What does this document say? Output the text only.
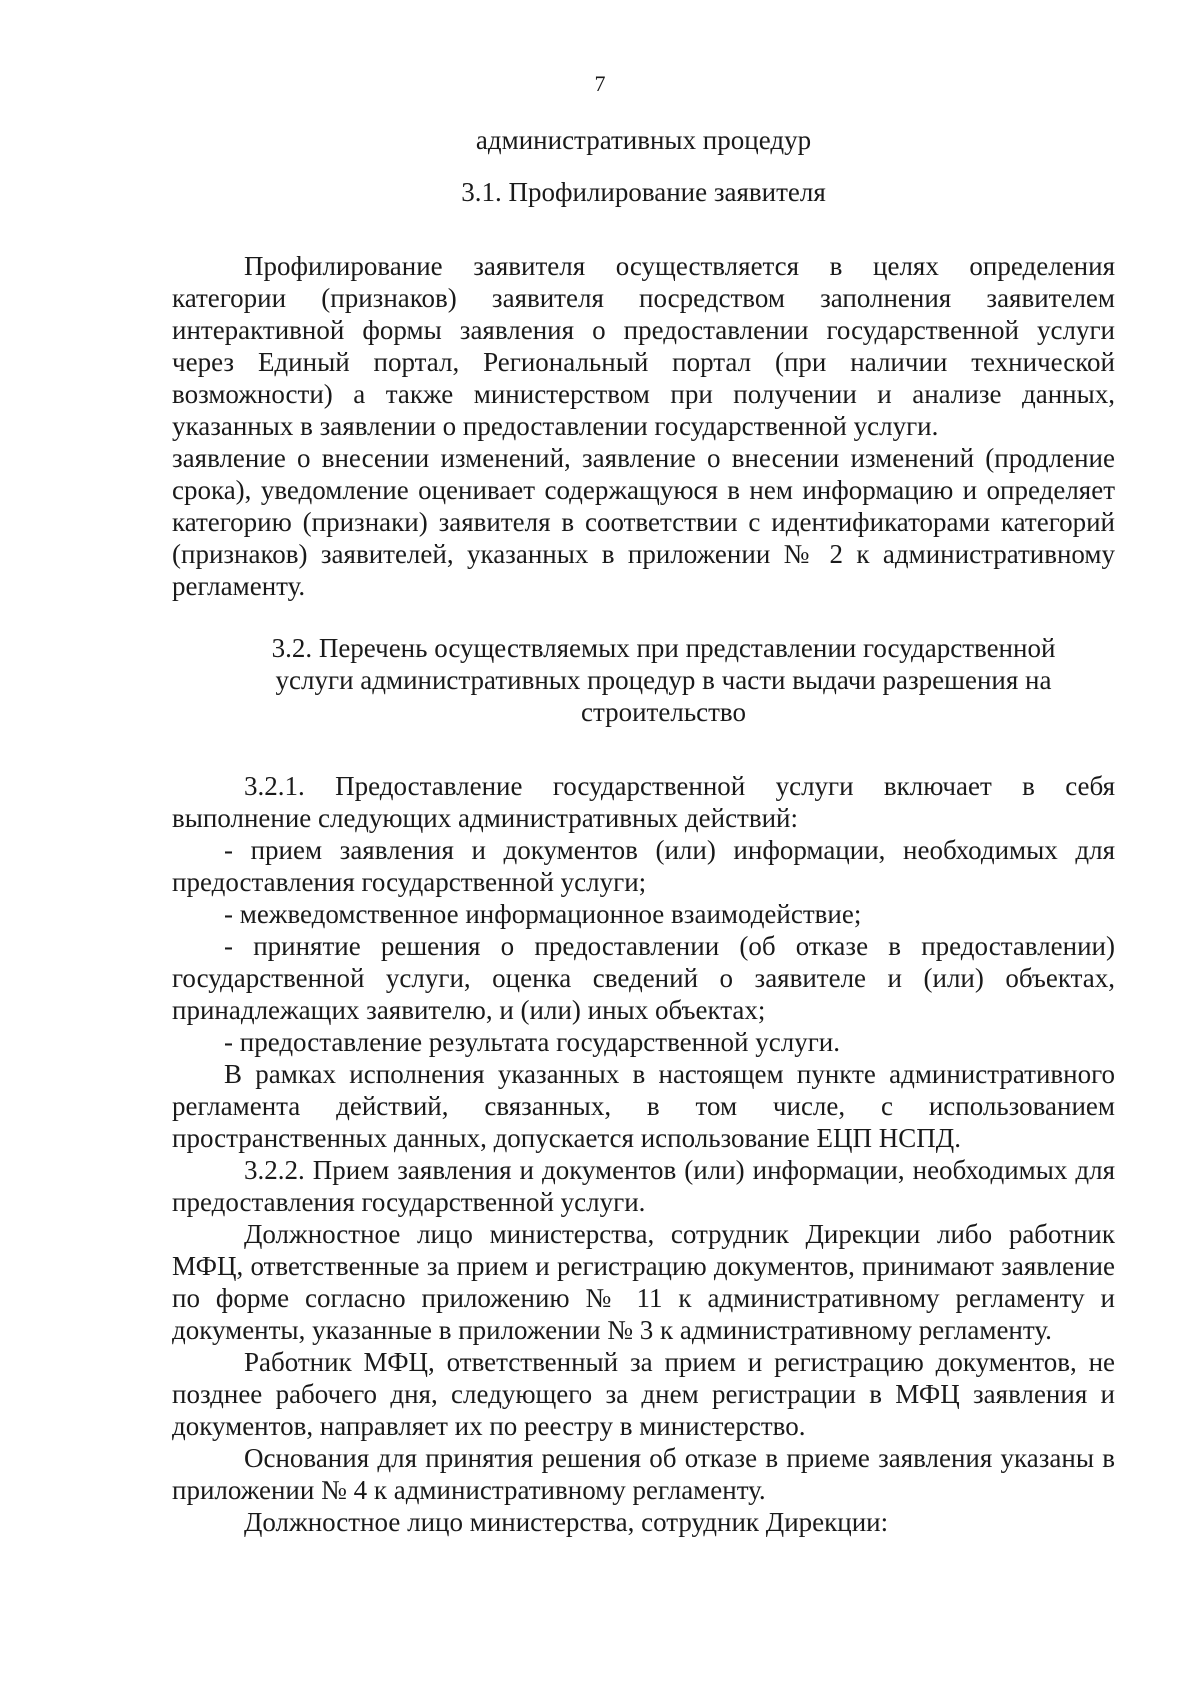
7

административных процедур

3.1. Профилирование заявителя

Профилирование заявителя осуществляется в целях определения категории (признаков) заявителя посредством заполнения заявителем интерактивной формы заявления о предоставлении государственной услуги через Единый портал, Региональный портал (при наличии технической возможности) а также министерством при получении и анализе данных, указанных в заявлении о предоставлении государственной услуги.

заявление о внесении изменений, заявление о внесении изменений (продление срока), уведомление оценивает содержащуюся в нем информацию и определяет категорию (признаки) заявителя в соответствии с идентификаторами категорий (признаков) заявителей, указанных в приложении № 2 к административному регламенту.

3.2. Перечень осуществляемых при представлении государственной услуги административных процедур в части выдачи разрешения на строительство

3.2.1. Предоставление государственной услуги включает в себя выполнение следующих административных действий:

- прием заявления и документов (или) информации, необходимых для предоставления государственной услуги;

- межведомственное информационное взаимодействие;

- принятие решения о предоставлении (об отказе в предоставлении) государственной услуги, оценка сведений о заявителе и (или) объектах, принадлежащих заявителю, и (или) иных объектах;

- предоставление результата государственной услуги.

В рамках исполнения указанных в настоящем пункте административного регламента действий, связанных, в том числе, с использованием пространственных данных, допускается использование ЕЦП НСПД.

3.2.2. Прием заявления и документов (или) информации, необходимых для предоставления государственной услуги.

Должностное лицо министерства, сотрудник Дирекции либо работник МФЦ, ответственные за прием и регистрацию документов, принимают заявление по форме согласно приложению № 11 к административному регламенту и документы, указанные в приложении № 3 к административному регламенту.

Работник МФЦ, ответственный за прием и регистрацию документов, не позднее рабочего дня, следующего за днем регистрации в МФЦ заявления и документов, направляет их по реестру в министерство.

Основания для принятия решения об отказе в приеме заявления указаны в приложении № 4 к административному регламенту.

Должностное лицо министерства, сотрудник Дирекции:
